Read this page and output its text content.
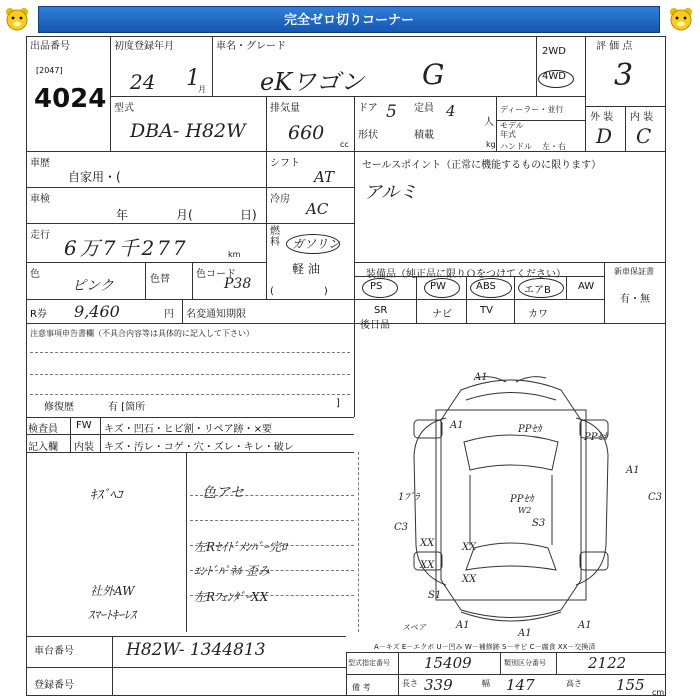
完全ゼロ切りコーナー
出品番号
[2047]
4024
初度登録年月
24 1
月
車名・グレード
eKワゴン G
2WD
4WD
評 価 点
3
型式
DBA- H82W
排気量
660
cc
ドア 5 定員 4
人
形状	積載
kg
ディーラー・並行
モデル年式
ハンドル 左・右
外 装 内 装
D C
車歴
自家用・(
シフト
AT
車検
年	月(	日)
冷房
AC
走行
6万7千277	km
燃料	ガソリン
軽 油
色
ピンク	色替	色コード
P38 (　　　　　)
R券 9,460	円 名変通知期限
セールスポイント（正常に機能するものに限ります）
アルミ
装備品（純正品に限りＯをつけてください）	新車保証書
有・無
PS	PW	ABS	エアB	AW
SR	ナビ	TV	カワ
後日品
注意事項申告書欄（不具合内容等は具体的に記入して下さい）
修復歴	有 [箇所	]
検査員
記入欄
FW キズ・凹石・ヒビ割・リペア跡・×要
内装 キズ・汚レ・コゲ・穴・ズレ・キレ・破レ
ｷｽﾞﾍｺ	色アセ
左Rｾｲﾄﾞﾒﾝﾊﾞｰ完ﾛ
ｴﾝﾄﾞﾊﾟﾈﾙ 歪み
左RﾌｪﾝﾀﾞｰXX
社外AW
ｽﾏｰﾄｷｰﾚｽ
A1
PPｾｶ
PPｾｶ
A1
A1
C3
C3
PPｾｶ
W2
S3
XX	XX
XX
XX
1ﾌﾞﾗ
S1
A1	A1
スペア
A1
A－キズ E－エクボ U－凹み W－補修跡 S－サビ C－腐食 XX－交換済
車台番号	H82W- 1344813
登録番号
型式指定番号 15409	類別区分番号	2122
備 考	長さ 339	幅 147	高さ 155 cm
